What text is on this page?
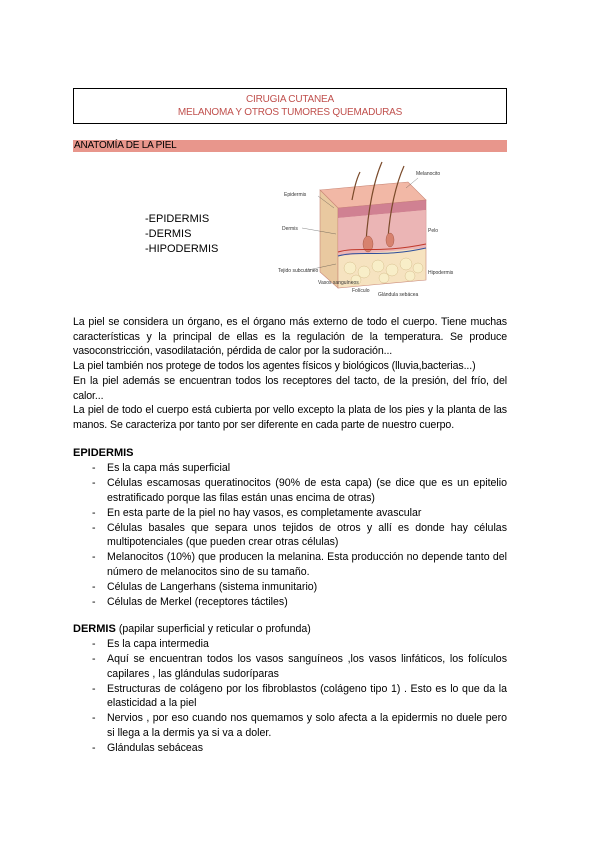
CIRUGIA CUTANEA
MELANOMA Y OTROS TUMORES QUEMADURAS
ANATOMÍA DE LA PIEL
-EPIDERMIS
-DERMIS
-HIPODERMIS
Melanocito
Epidermis
Dermis
Hipodermis
Pelo
Tejido subcutáneo
Vasos sanguíneos
Folículo
Glándula sebácea

La piel se considera un órgano, es el órgano más externo de todo el cuerpo. Tiene muchas características y la principal de ellas es la regulación de la temperatura. Se produce vasoconstricción, vasodilatación, pérdida de calor por la sudoración...

La piel también nos protege de todos los agentes físicos y biológicos (lluvia,bacterias...)

En la piel además se encuentran todos los receptores del tacto, de la presión, del frío, del calor...

La piel de todo el cuerpo está cubierta por vello excepto la plata de los pies y la planta de las manos. Se caracteriza por tanto por ser diferente en cada parte de nuestro cuerpo.

EPIDERMIS
- Es la capa más superficial
- Células escamosas queratinocitos (90% de esta capa) (se dice que es un epitelio estratificado porque las filas están unas encima de otras)
- En esta parte de la piel no hay vasos, es completamente avascular
- Células basales que separa unos tejidos de otros y allí es donde hay células multipotenciales (que pueden crear otras células)
- Melanocitos (10%) que producen la melanina. Esta producción no depende tanto del número de melanocitos sino de su tamaño.
- Células de Langerhans (sistema inmunitario)
- Células de Merkel (receptores táctiles)
DERMIS (papilar superficial y reticular o profunda)
- Es la capa intermedia
- Aquí se encuentran todos los vasos sanguíneos ,los vasos linfáticos, los folículos capilares , las glándulas sudoríparas
- Estructuras de colágeno por los fibroblastos (colágeno tipo 1) . Esto es lo que da la elasticidad a la piel
- Nervios , por eso cuando nos quemamos y solo afecta a la epidermis no duele pero si llega a la dermis ya si va a doler.
- Glándulas sebáceas
